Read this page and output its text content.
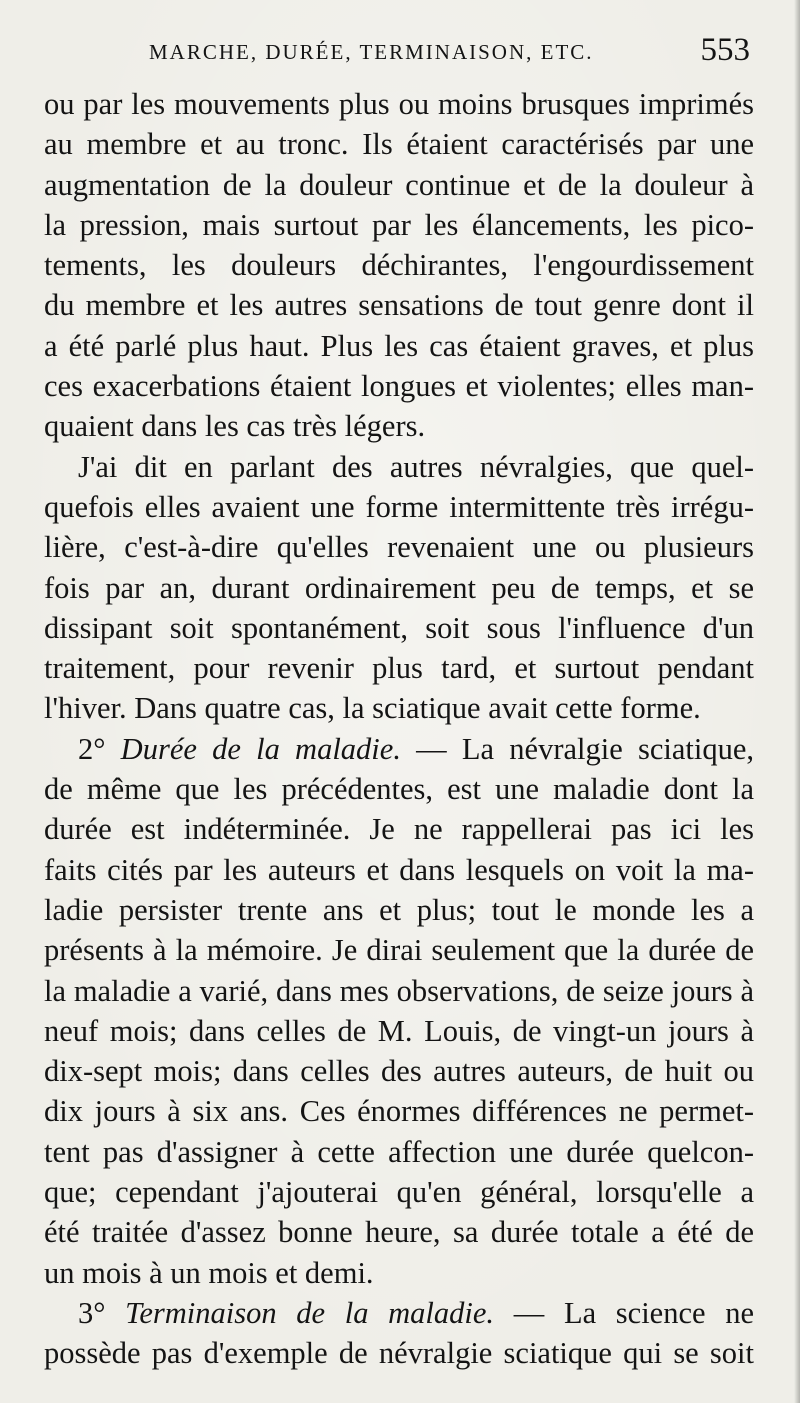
MARCHE, DURÉE, TERMINAISON, ETC.	553
ou par les mouvements plus ou moins brusques imprimés
au membre et au tronc. Ils étaient caractérisés par une
augmentation de la douleur continue et de la douleur à
la pression, mais surtout par les élancements, les pico-
tements, les douleurs déchirantes, l'engourdissement
du membre et les autres sensations de tout genre dont il
a été parlé plus haut. Plus les cas étaient graves, et plus
ces exacerbations étaient longues et violentes; elles man-
quaient dans les cas très légers.
J'ai dit en parlant des autres névralgies, que quel-
quefois elles avaient une forme intermittente très irrégu-
lière, c'est-à-dire qu'elles revenaient une ou plusieurs
fois par an, durant ordinairement peu de temps, et se
dissipant soit spontanément, soit sous l'influence d'un
traitement, pour revenir plus tard, et surtout pendant
l'hiver. Dans quatre cas, la sciatique avait cette forme.
2° Durée de la maladie. — La névralgie sciatique,
de même que les précédentes, est une maladie dont la
durée est indéterminée. Je ne rappellerai pas ici les
faits cités par les auteurs et dans lesquels on voit la ma-
ladie persister trente ans et plus; tout le monde les a
présents à la mémoire. Je dirai seulement que la durée de
la maladie a varié, dans mes observations, de seize jours à
neuf mois; dans celles de M. Louis, de vingt-un jours à
dix-sept mois; dans celles des autres auteurs, de huit ou
dix jours à six ans. Ces énormes différences ne permet-
tent pas d'assigner à cette affection une durée quelcon-
que; cependant j'ajouterai qu'en général, lorsqu'elle a
été traitée d'assez bonne heure, sa durée totale a été de
un mois à un mois et demi.
3° Terminaison de la maladie. — La science ne
possède pas d'exemple de névralgie sciatique qui se soit
